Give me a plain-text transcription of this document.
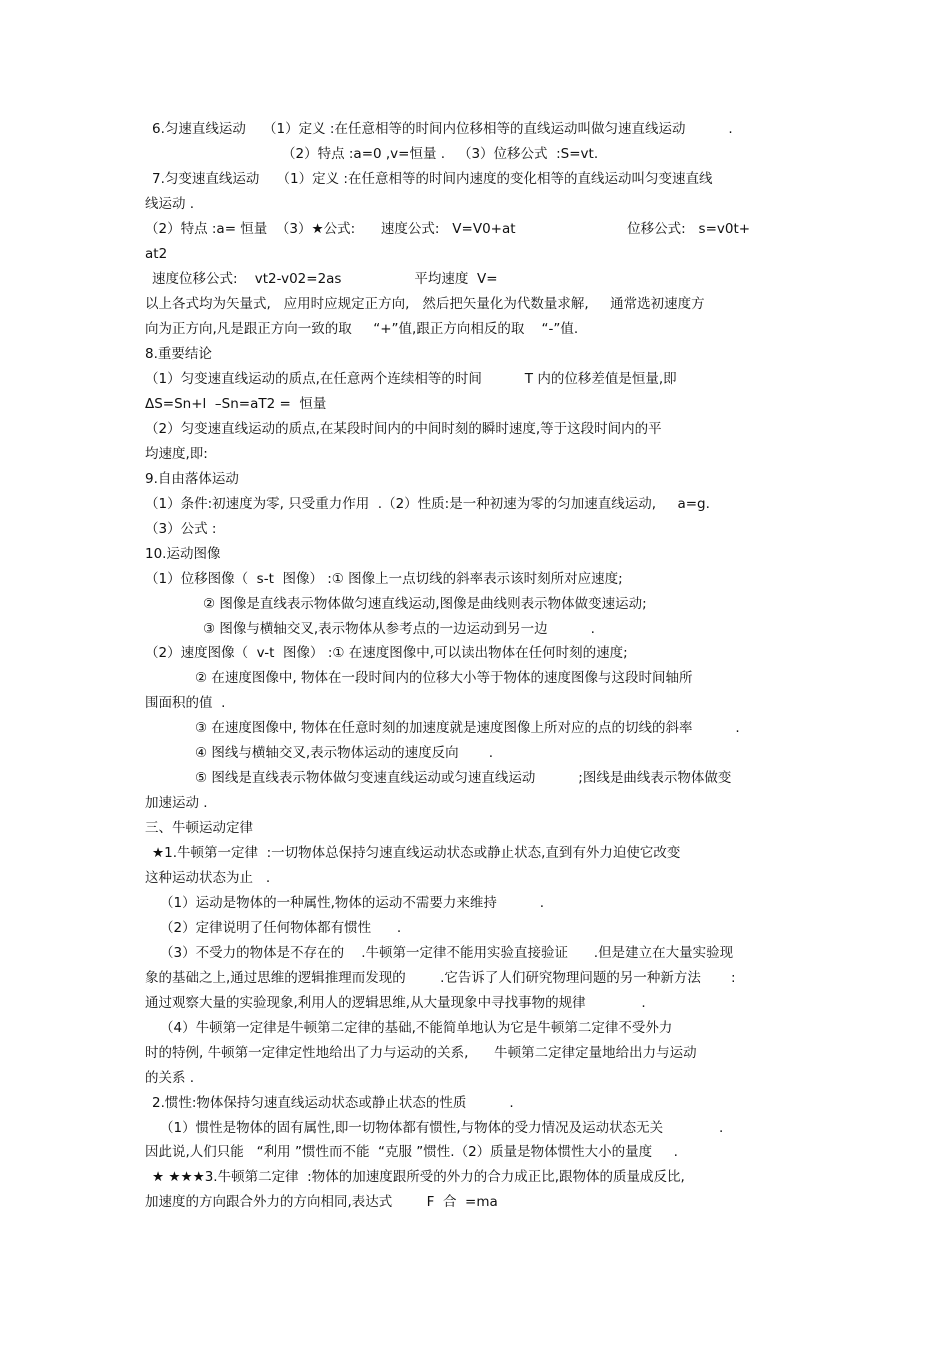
6.匀速直线运动    （1）定义 :在任意相等的时间内位移相等的直线运动叫做匀速直线运动          .

（2）特点 :a=0 ,v=恒量 .   （3）位移公式  :S=vt.

7.匀变速直线运动    （1）定义 :在任意相等的时间内速度的变化相等的直线运动叫匀变速直线

线运动 .

（2）特点 :a= 恒量  （3）★公式:      速度公式:   V=V0+at                          位移公式:   s=v0t+

at2

速度位移公式:    vt2-v02=2as                 平均速度  V=

以上各式均为矢量式,   应用时应规定正方向,   然后把矢量化为代数量求解,     通常选初速度方

向为正方向,凡是跟正方向一致的取     “+”值,跟正方向相反的取    “-”值.

8.重要结论

（1）匀变速直线运动的质点,在任意两个连续相等的时间          T 内的位移差值是恒量,即

ΔS=Sn+l  –Sn=aT2 =  恒量

（2）匀变速直线运动的质点,在某段时间内的中间时刻的瞬时速度,等于这段时间内的平

均速度,即:

9.自由落体运动

（1）条件:初速度为零, 只受重力作用  .（2）性质:是一种初速为零的匀加速直线运动,     a=g.

（3）公式 :

10.运动图像

（1）位移图像（  s-t  图像） :① 图像上一点切线的斜率表示该时刻所对应速度;

② 图像是直线表示物体做匀速直线运动,图像是曲线则表示物体做变速运动;

③ 图像与横轴交叉,表示物体从参考点的一边运动到另一边          .

（2）速度图像（  v-t  图像） :① 在速度图像中,可以读出物体在任何时刻的速度;

② 在速度图像中, 物体在一段时间内的位移大小等于物体的速度图像与这段时间轴所

围面积的值  .

③ 在速度图像中, 物体在任意时刻的加速度就是速度图像上所对应的点的切线的斜率          .

④ 图线与横轴交叉,表示物体运动的速度反向       .

⑤ 图线是直线表示物体做匀变速直线运动或匀速直线运动          ;图线是曲线表示物体做变

加速运动 .

三、牛顿运动定律

★1.牛顿第一定律  :一切物体总保持匀速直线运动状态或静止状态,直到有外力迫使它改变

这种运动状态为止   .

（1）运动是物体的一种属性,物体的运动不需要力来维持          .

（2）定律说明了任何物体都有惯性      .

（3）不受力的物体是不存在的    .牛顿第一定律不能用实验直接验证      .但是建立在大量实验现

象的基础之上,通过思维的逻辑推理而发现的        .它告诉了人们研究物理问题的另一种新方法       :

通过观察大量的实验现象,利用人的逻辑思维,从大量现象中寻找事物的规律             .

（4）牛顿第一定律是牛顿第二定律的基础,不能简单地认为它是牛顿第二定律不受外力

时的特例, 牛顿第一定律定性地给出了力与运动的关系,      牛顿第二定律定量地给出力与运动

的关系 .

2.惯性:物体保持匀速直线运动状态或静止状态的性质          .

（1）惯性是物体的固有属性,即一切物体都有惯性,与物体的受力情况及运动状态无关             .

因此说,人们只能   “利用 ”惯性而不能  “克服 ”惯性.（2）质量是物体惯性大小的量度     .

★ ★★★3.牛顿第二定律  :物体的加速度跟所受的外力的合力成正比,跟物体的质量成反比,

加速度的方向跟合外力的方向相同,表达式        F  合  =ma
